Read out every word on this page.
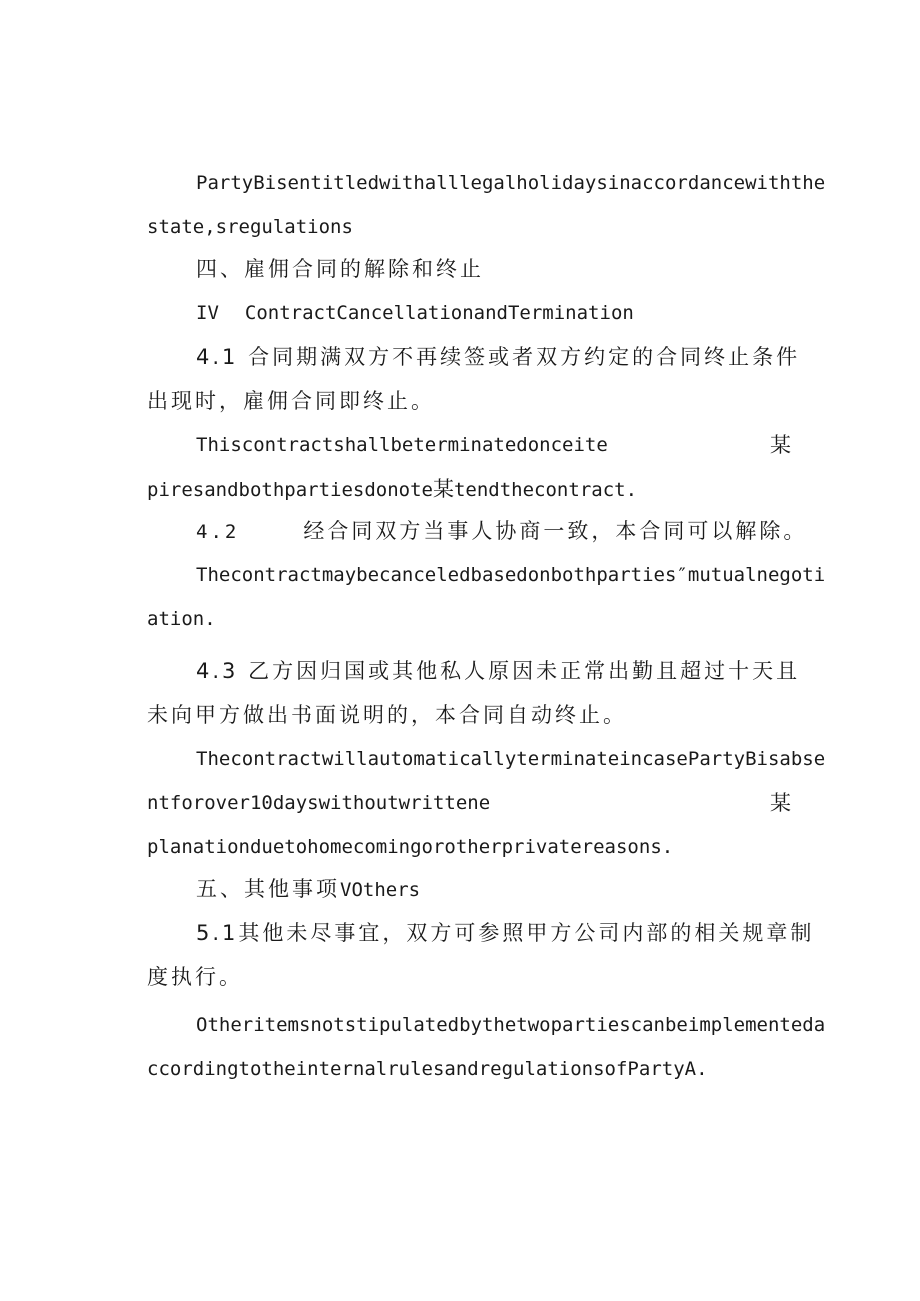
PartyBisentitledwithalllegalholidaysinaccordancewiththe
state,sregulations
四、雇佣合同的解除和终止
IV ContractCancellationandTermination
4.1 合同期满双方不再续签或者双方约定的合同终止条件
出现时，雇佣合同即终止。
Thiscontractshallbeterminatedonceite	某
piresandbothpartiesdonote某tendthecontract.
4.2	经合同双方当事人协商一致，本合同可以解除。
Thecontractmaybecanceledbasedonbothparties″mutualnegoti
ation.
4.3 乙方因归国或其他私人原因未正常出勤且超过十天且
未向甲方做出书面说明的，本合同自动终止。
ThecontractwillautomaticallyterminateincasePartyBisabse
ntforover10dayswithoutwrittene	某
planationduetohomecomingorotherprivatereasons.
五、其他事项VOthers
5.1其他未尽事宜，双方可参照甲方公司内部的相关规章制
度执行。
Otheritemsnotstipulatedbythetwopartiescanbeimplementeda
ccordingtotheinternalrulesandregulationsofPartyA.
